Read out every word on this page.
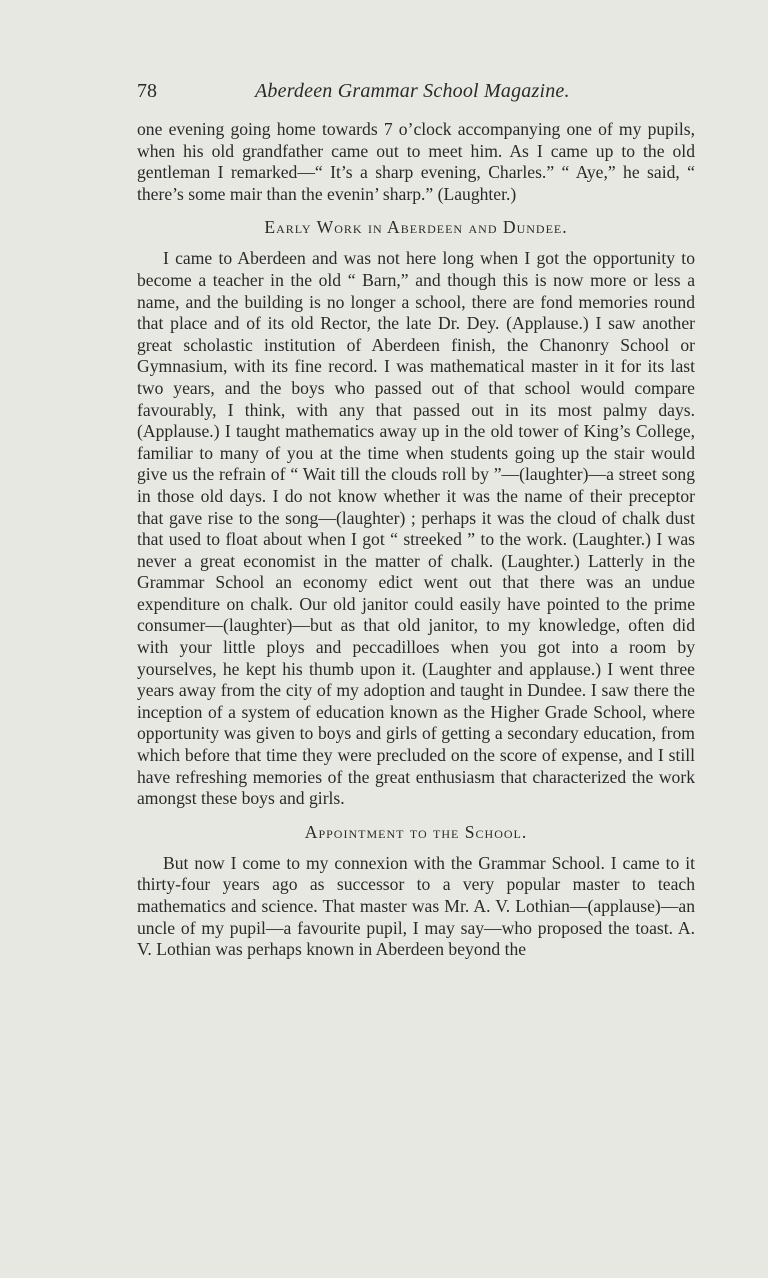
78	Aberdeen Grammar School Magazine.

one evening going home towards 7 o’clock accompanying one of my pupils, when his old grandfather came out to meet him. As I came up to the old gentleman I remarked—“ It’s a sharp evening, Charles.” “ Aye,” he said, “ there’s some mair than the evenin’ sharp.” (Laughter.)

Early Work in Aberdeen and Dundee.

I came to Aberdeen and was not here long when I got the opportunity to become a teacher in the old “ Barn,” and though this is now more or less a name, and the building is no longer a school, there are fond memories round that place and of its old Rector, the late Dr. Dey. (Applause.) I saw another great scholastic institution of Aberdeen finish, the Chanonry School or Gymnasium, with its fine record. I was mathematical master in it for its last two years, and the boys who passed out of that school would compare favourably, I think, with any that passed out in its most palmy days. (Applause.) I taught mathematics away up in the old tower of King’s College, familiar to many of you at the time when students going up the stair would give us the refrain of “ Wait till the clouds roll by ”—(laughter)—a street song in those old days. I do not know whether it was the name of their preceptor that gave rise to the song—(laughter) ; perhaps it was the cloud of chalk dust that used to float about when I got “ streeked ” to the work. (Laughter.) I was never a great economist in the matter of chalk. (Laughter.) Latterly in the Grammar School an economy edict went out that there was an undue expenditure on chalk. Our old janitor could easily have pointed to the prime consumer—(laughter)—but as that old janitor, to my knowledge, often did with your little ploys and peccadilloes when you got into a room by yourselves, he kept his thumb upon it. (Laughter and applause.) I went three years away from the city of my adoption and taught in Dundee. I saw there the inception of a system of education known as the Higher Grade School, where opportunity was given to boys and girls of getting a secondary education, from which before that time they were precluded on the score of expense, and I still have refreshing memories of the great enthusiasm that characterized the work amongst these boys and girls.

Appointment to the School.

But now I come to my connexion with the Grammar School. I came to it thirty-four years ago as successor to a very popular master to teach mathematics and science. That master was Mr. A. V. Lothian—(applause)—an uncle of my pupil—a favourite pupil, I may say—who proposed the toast. A. V. Lothian was perhaps known in Aberdeen beyond the
